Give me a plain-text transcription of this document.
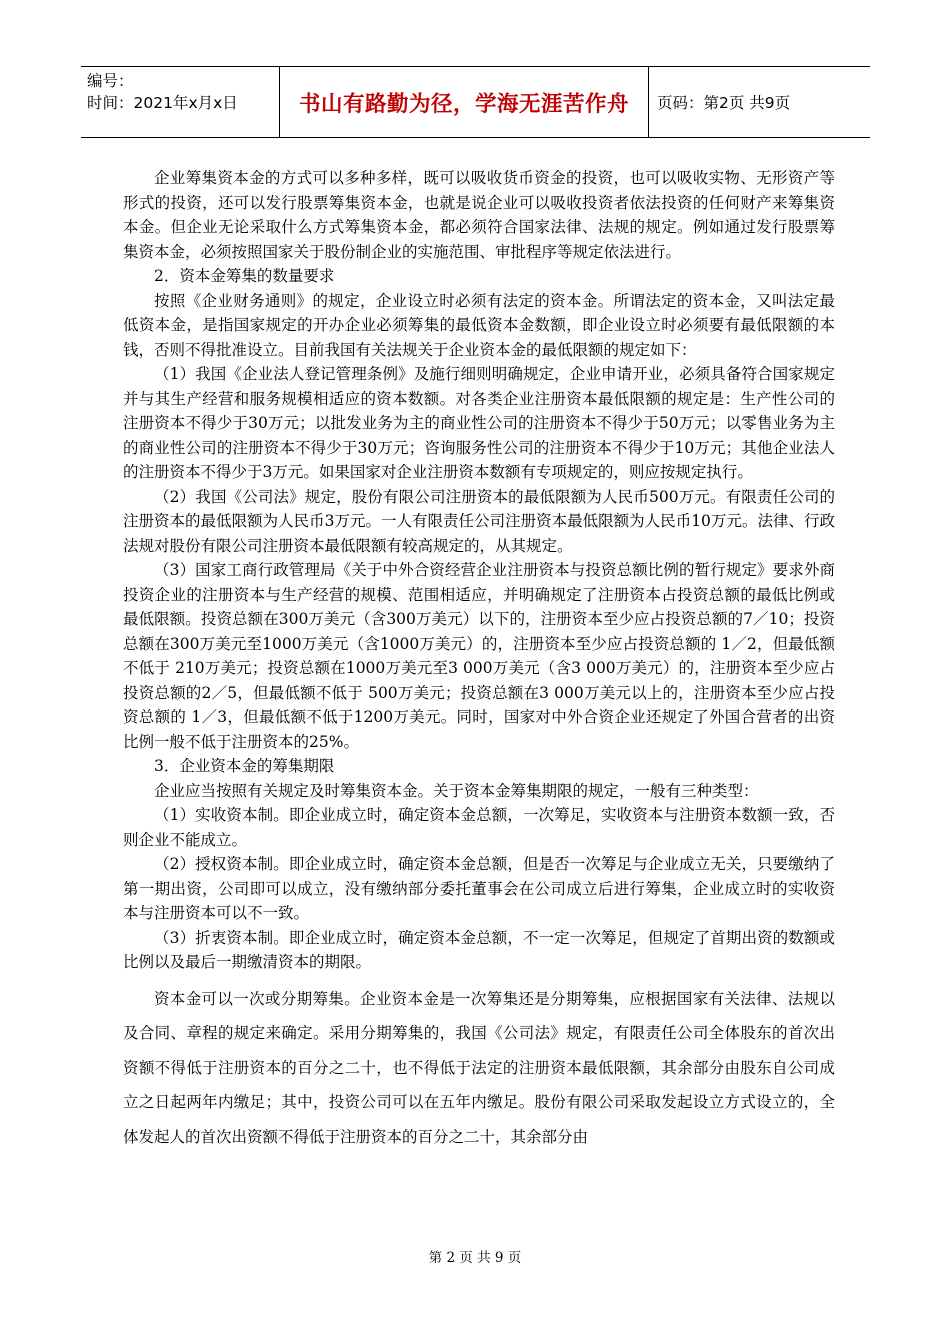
编号：
时间：2021年x月x日	书山有路勤为径，学海无涯苦作舟	页码：第2页 共9页

企业筹集资本金的方式可以多种多样，既可以吸收货币资金的投资，也可以吸收实物、无形资产等形式的投资，还可以发行股票筹集资本金，也就是说企业可以吸收投资者依法投资的任何财产来筹集资本金。但企业无论采取什么方式筹集资本金，都必须符合国家法律、法规的规定。例如通过发行股票筹集资本金，必须按照国家关于股份制企业的实施范围、审批程序等规定依法进行。

2．资本金筹集的数量要求

按照《企业财务通则》的规定，企业设立时必须有法定的资本金。所谓法定的资本金，又叫法定最低资本金，是指国家规定的开办企业必须筹集的最低资本金数额，即企业设立时必须要有最低限额的本钱，否则不得批准设立。目前我国有关法规关于企业资本金的最低限额的规定如下：

（1）我国《企业法人登记管理条例》及施行细则明确规定，企业申请开业，必须具备符合国家规定并与其生产经营和服务规模相适应的资本数额。对各类企业注册资本最低限额的规定是：生产性公司的注册资本不得少于30万元；以批发业务为主的商业性公司的注册资本不得少于50万元；以零售业务为主的商业性公司的注册资本不得少于30万元；咨询服务性公司的注册资本不得少于10万元；其他企业法人的注册资本不得少于3万元。如果国家对企业注册资本数额有专项规定的，则应按规定执行。

（2）我国《公司法》规定，股份有限公司注册资本的最低限额为人民币500万元。有限责任公司的注册资本的最低限额为人民币3万元。一人有限责任公司注册资本最低限额为人民币10万元。法律、行政法规对股份有限公司注册资本最低限额有较高规定的，从其规定。

（3）国家工商行政管理局《关于中外合资经营企业注册资本与投资总额比例的暂行规定》要求外商投资企业的注册资本与生产经营的规模、范围相适应，并明确规定了注册资本占投资总额的最低比例或最低限额。投资总额在300万美元（含300万美元）以下的，注册资本至少应占投资总额的7／10；投资总额在300万美元至1000万美元（含1000万美元）的，注册资本至少应占投资总额的 1／2，但最低额不低于 210万美元；投资总额在1000万美元至3 000万美元（含3 000万美元）的，注册资本至少应占投资总额的2／5，但最低额不低于 500万美元；投资总额在3 000万美元以上的，注册资本至少应占投资总额的 1／3，但最低额不低于1200万美元。同时，国家对中外合资企业还规定了外国合营者的出资比例一般不低于注册资本的25%。

3．企业资本金的筹集期限

企业应当按照有关规定及时筹集资本金。关于资本金筹集期限的规定，一般有三种类型：

（1）实收资本制。即企业成立时，确定资本金总额，一次筹足，实收资本与注册资本数额一致，否则企业不能成立。

（2）授权资本制。即企业成立时，确定资本金总额，但是否一次筹足与企业成立无关，只要缴纳了第一期出资，公司即可以成立，没有缴纳部分委托董事会在公司成立后进行筹集，企业成立时的实收资本与注册资本可以不一致。

（3）折衷资本制。即企业成立时，确定资本金总额，不一定一次筹足，但规定了首期出资的数额或比例以及最后一期缴清资本的期限。

资本金可以一次或分期筹集。企业资本金是一次筹集还是分期筹集，应根据国家有关法律、法规以及合同、章程的规定来确定。采用分期筹集的，我国《公司法》规定，有限责任公司全体股东的首次出资额不得低于注册资本的百分之二十，也不得低于法定的注册资本最低限额，其余部分由股东自公司成立之日起两年内缴足；其中，投资公司可以在五年内缴足。股份有限公司采取发起设立方式设立的，全体发起人的首次出资额不得低于注册资本的百分之二十，其余部分由

第 2 页 共 9 页
